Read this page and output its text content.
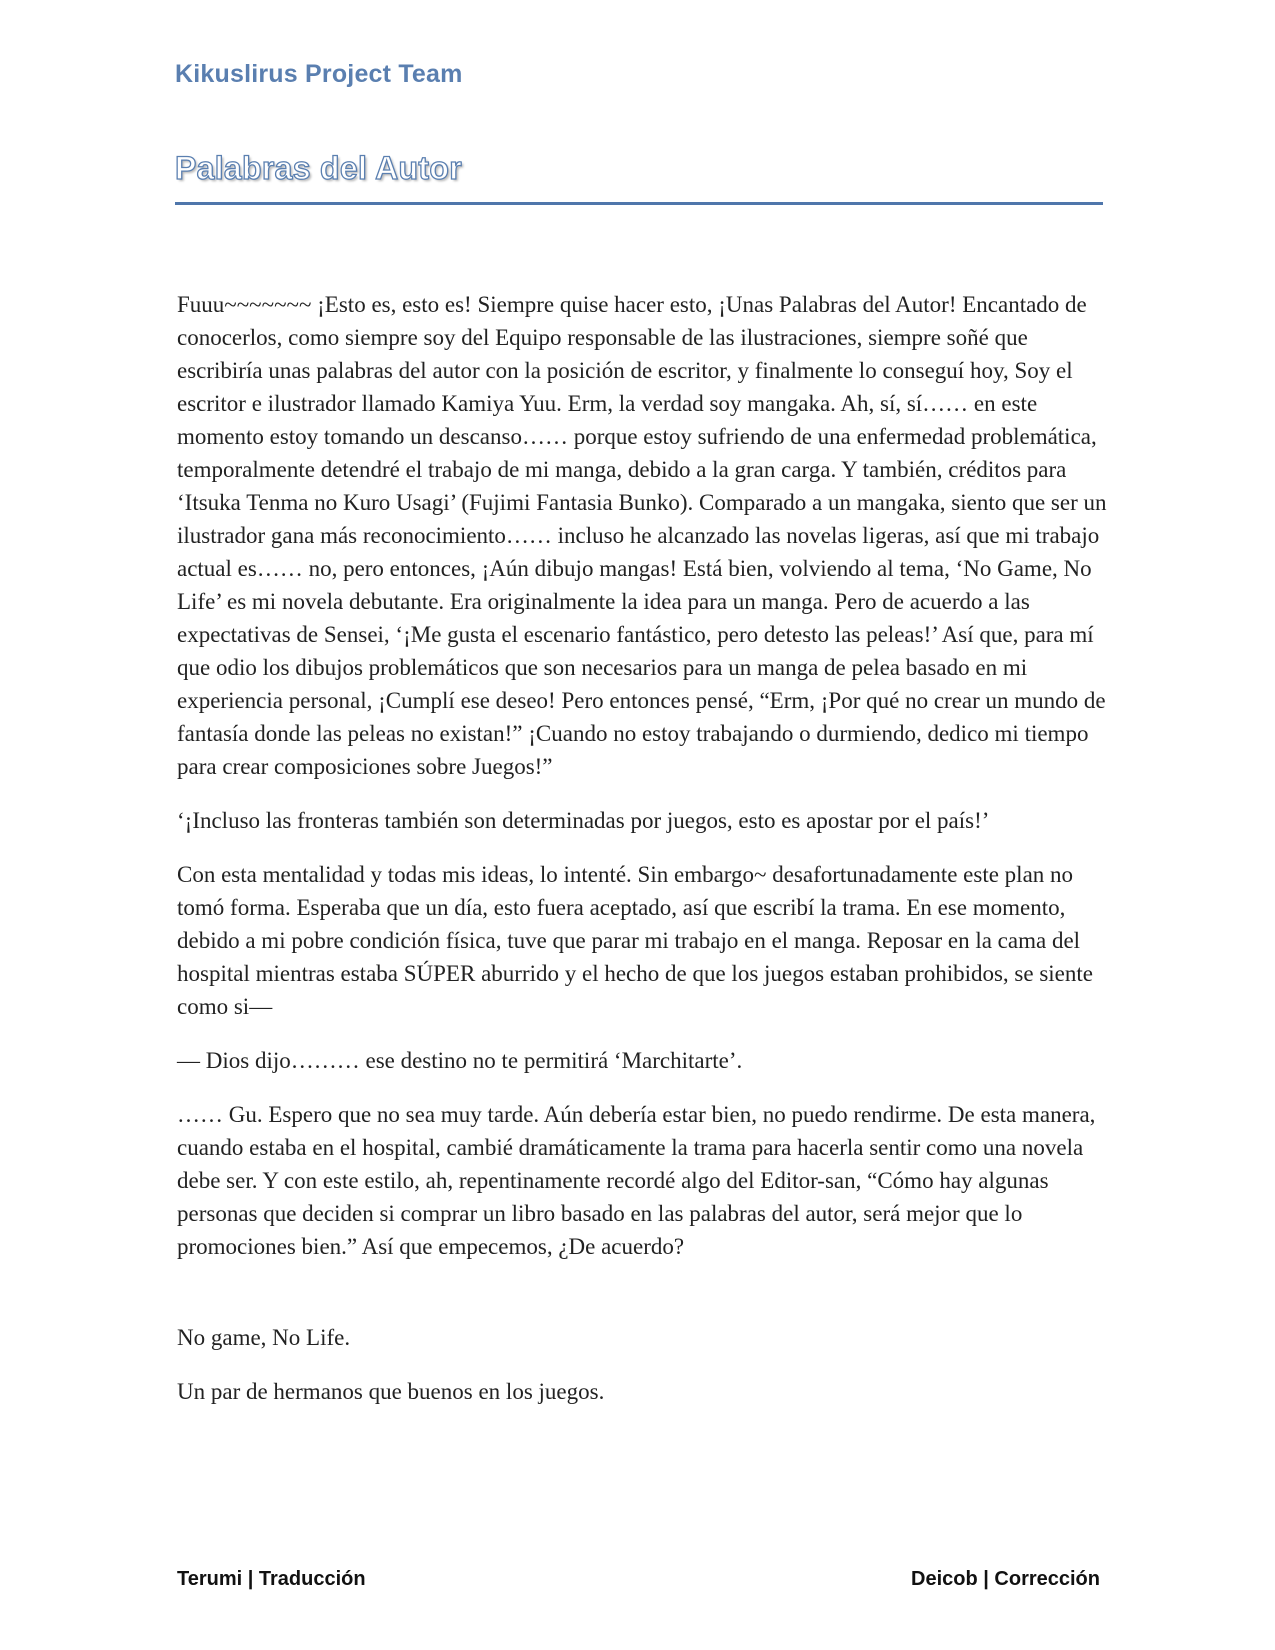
Kikuslirus Project Team
Palabras del Autor

Fuuu~~~~~~~ ¡Esto es, esto es! Siempre quise hacer esto, ¡Unas Palabras del Autor! Encantado de conocerlos, como siempre soy del Equipo responsable de las ilustraciones, siempre soñé que escribiría unas palabras del autor con la posición de escritor, y finalmente lo conseguí hoy, Soy el escritor e ilustrador llamado Kamiya Yuu. Erm, la verdad soy mangaka. Ah, sí, sí…… en este momento estoy tomando un descanso…… porque estoy sufriendo de una enfermedad problemática, temporalmente detendré el trabajo de mi manga, debido a la gran carga. Y también, créditos para ‘Itsuka Tenma no Kuro Usagi’ (Fujimi Fantasia Bunko). Comparado a un mangaka, siento que ser un ilustrador gana más reconocimiento…… incluso he alcanzado las novelas ligeras, así que mi trabajo actual es…… no, pero entonces, ¡Aún dibujo mangas! Está bien, volviendo al tema, ‘No Game, No Life’ es mi novela debutante. Era originalmente la idea para un manga. Pero de acuerdo a las expectativas de Sensei, ‘¡Me gusta el escenario fantástico, pero detesto las peleas!’ Así que, para mí que odio los dibujos problemáticos que son necesarios para un manga de pelea basado en mi experiencia personal, ¡Cumplí ese deseo! Pero entonces pensé, “Erm, ¡Por qué no crear un mundo de fantasía donde las peleas no existan!” ¡Cuando no estoy trabajando o durmiendo, dedico mi tiempo para crear composiciones sobre Juegos!”

‘¡Incluso las fronteras también son determinadas por juegos, esto es apostar por el país!’

Con esta mentalidad y todas mis ideas, lo intenté. Sin embargo~ desafortunadamente este plan no tomó forma. Esperaba que un día, esto fuera aceptado, así que escribí la trama. En ese momento, debido a mi pobre condición física, tuve que parar mi trabajo en el manga. Reposar en la cama del hospital mientras estaba SÚPER aburrido y el hecho de que los juegos estaban prohibidos, se siente como si—

— Dios dijo……… ese destino no te permitirá ‘Marchitarte’.

…… Gu. Espero que no sea muy tarde. Aún debería estar bien, no puedo rendirme. De esta manera, cuando estaba en el hospital, cambié dramáticamente la trama para hacerla sentir como una novela debe ser. Y con este estilo, ah, repentinamente recordé algo del Editor-san, “Cómo hay algunas personas que deciden si comprar un libro basado en las palabras del autor, será mejor que lo promociones bien.” Así que empecemos, ¿De acuerdo?

No game, No Life.

Un par de hermanos que buenos en los juegos.

Terumi | Traducción	Deicob | Corrección
